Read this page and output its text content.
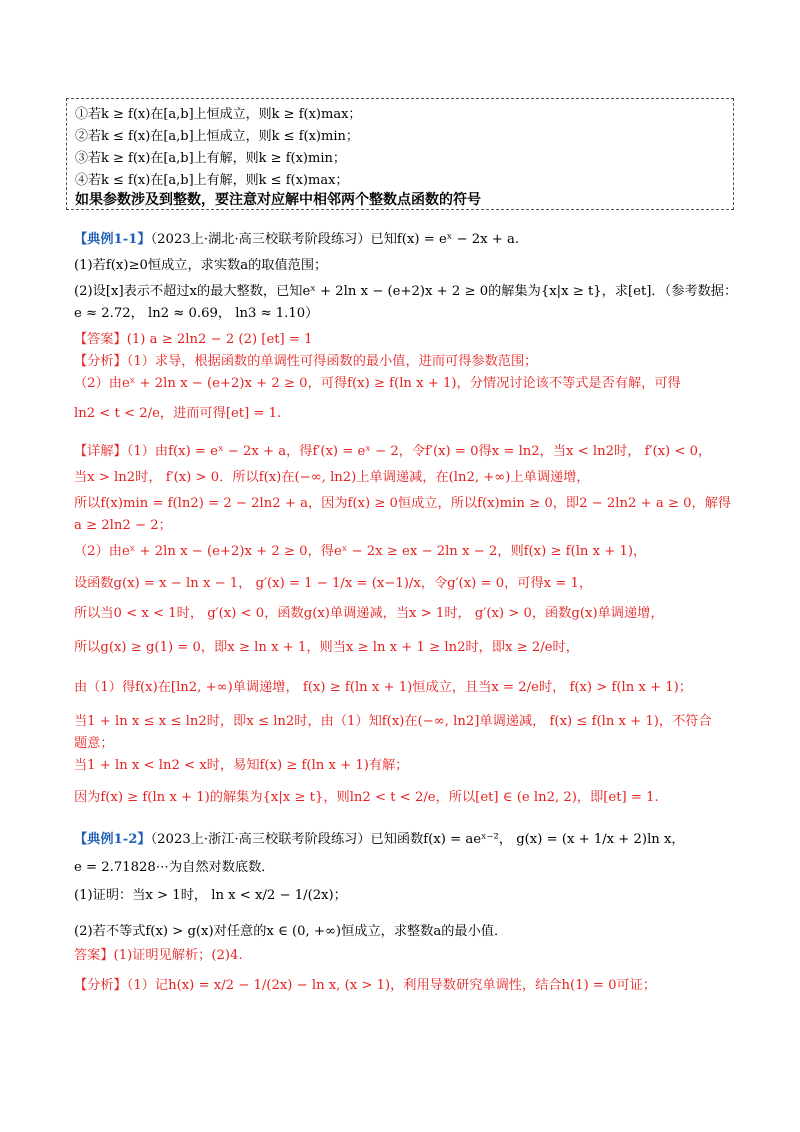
①若k ≥ f(x)在[a,b]上恒成立，则k ≥ f(x)max；
②若k ≤ f(x)在[a,b]上恒成立，则k ≤ f(x)min；
③若k ≥ f(x)在[a,b]上有解，则k ≥ f(x)min；
④若k ≤ f(x)在[a,b]上有解，则k ≤ f(x)max；
如果参数涉及到整数，要注意对应解中相邻两个整数点函数的符号
【典例1-1】（2023上·湖北·高三校联考阶段练习）已知f(x) = eˣ − 2x + a.
(1)若f(x)≥0恒成立，求实数a的取值范围；
(2)设[x]表示不超过x的最大整数，已知eˣ + 2ln x − (e+2)x + 2 ≥ 0的解集为{x|x ≥ t}，求[et]．（参考数据：
e ≈ 2.72， ln2 ≈ 0.69， ln3 ≈ 1.10）
【答案】(1) a ≥ 2ln2 − 2 (2) [et] = 1
【分析】（1）求导，根据函数的单调性可得函数的最小值，进而可得参数范围；
（2）由eˣ + 2ln x − (e+2)x + 2 ≥ 0，可得f(x) ≥ f(ln x + 1)，分情况讨论该不等式是否有解，可得
ln2 < t < 2/e，进而可得[et] = 1.
【详解】（1）由f(x) = eˣ − 2x + a，得f′(x) = eˣ − 2，令f′(x) = 0得x = ln2，当x < ln2时， f′(x) < 0，
当x > ln2时， f′(x) > 0．所以f(x)在(−∞, ln2)上单调递减，在(ln2, +∞)上单调递增，
所以f(x)min = f(ln2) = 2 − 2ln2 + a，因为f(x) ≥ 0恒成立，所以f(x)min ≥ 0，即2 − 2ln2 + a ≥ 0，解得
a ≥ 2ln2 − 2；
（2）由eˣ + 2ln x − (e+2)x + 2 ≥ 0，得eˣ − 2x ≥ ex − 2ln x − 2，则f(x) ≥ f(ln x + 1)，
设函数g(x) = x − ln x − 1， g′(x) = 1 − 1/x = (x−1)/x，令g′(x) = 0，可得x = 1，
所以当0 < x < 1时， g′(x) < 0，函数g(x)单调递减，当x > 1时， g′(x) > 0，函数g(x)单调递增，
所以g(x) ≥ g(1) = 0，即x ≥ ln x + 1，则当x ≥ ln x + 1 ≥ ln2时，即x ≥ 2/e时，
由（1）得f(x)在[ln2, +∞)单调递增， f(x) ≥ f(ln x + 1)恒成立，且当x = 2/e时， f(x) > f(ln x + 1)；
当1 + ln x ≤ x ≤ ln2时，即x ≤ ln2时，由（1）知f(x)在(−∞, ln2]单调递减， f(x) ≤ f(ln x + 1)，不符合
题意；
当1 + ln x < ln2 < x时，易知f(x) ≥ f(ln x + 1)有解；
因为f(x) ≥ f(ln x + 1)的解集为{x|x ≥ t}，则ln2 < t < 2/e，所以[et] ∈ (e ln2, 2)，即[et] = 1.
【典例1-2】（2023上·浙江·高三校联考阶段练习）已知函数f(x) = aeˣ⁻²， g(x) = (x + 1/x + 2)ln x，
e = 2.71828⋯为自然对数底数．
(1)证明：当x > 1时， ln x < x/2 − 1/(2x)；
(2)若不等式f(x) > g(x)对任意的x ∈ (0, +∞)恒成立，求整数a的最小值．
答案】(1)证明见解析；(2)4.
【分析】（1）记h(x) = x/2 − 1/(2x) − ln x, (x > 1)，利用导数研究单调性，结合h(1) = 0可证；
